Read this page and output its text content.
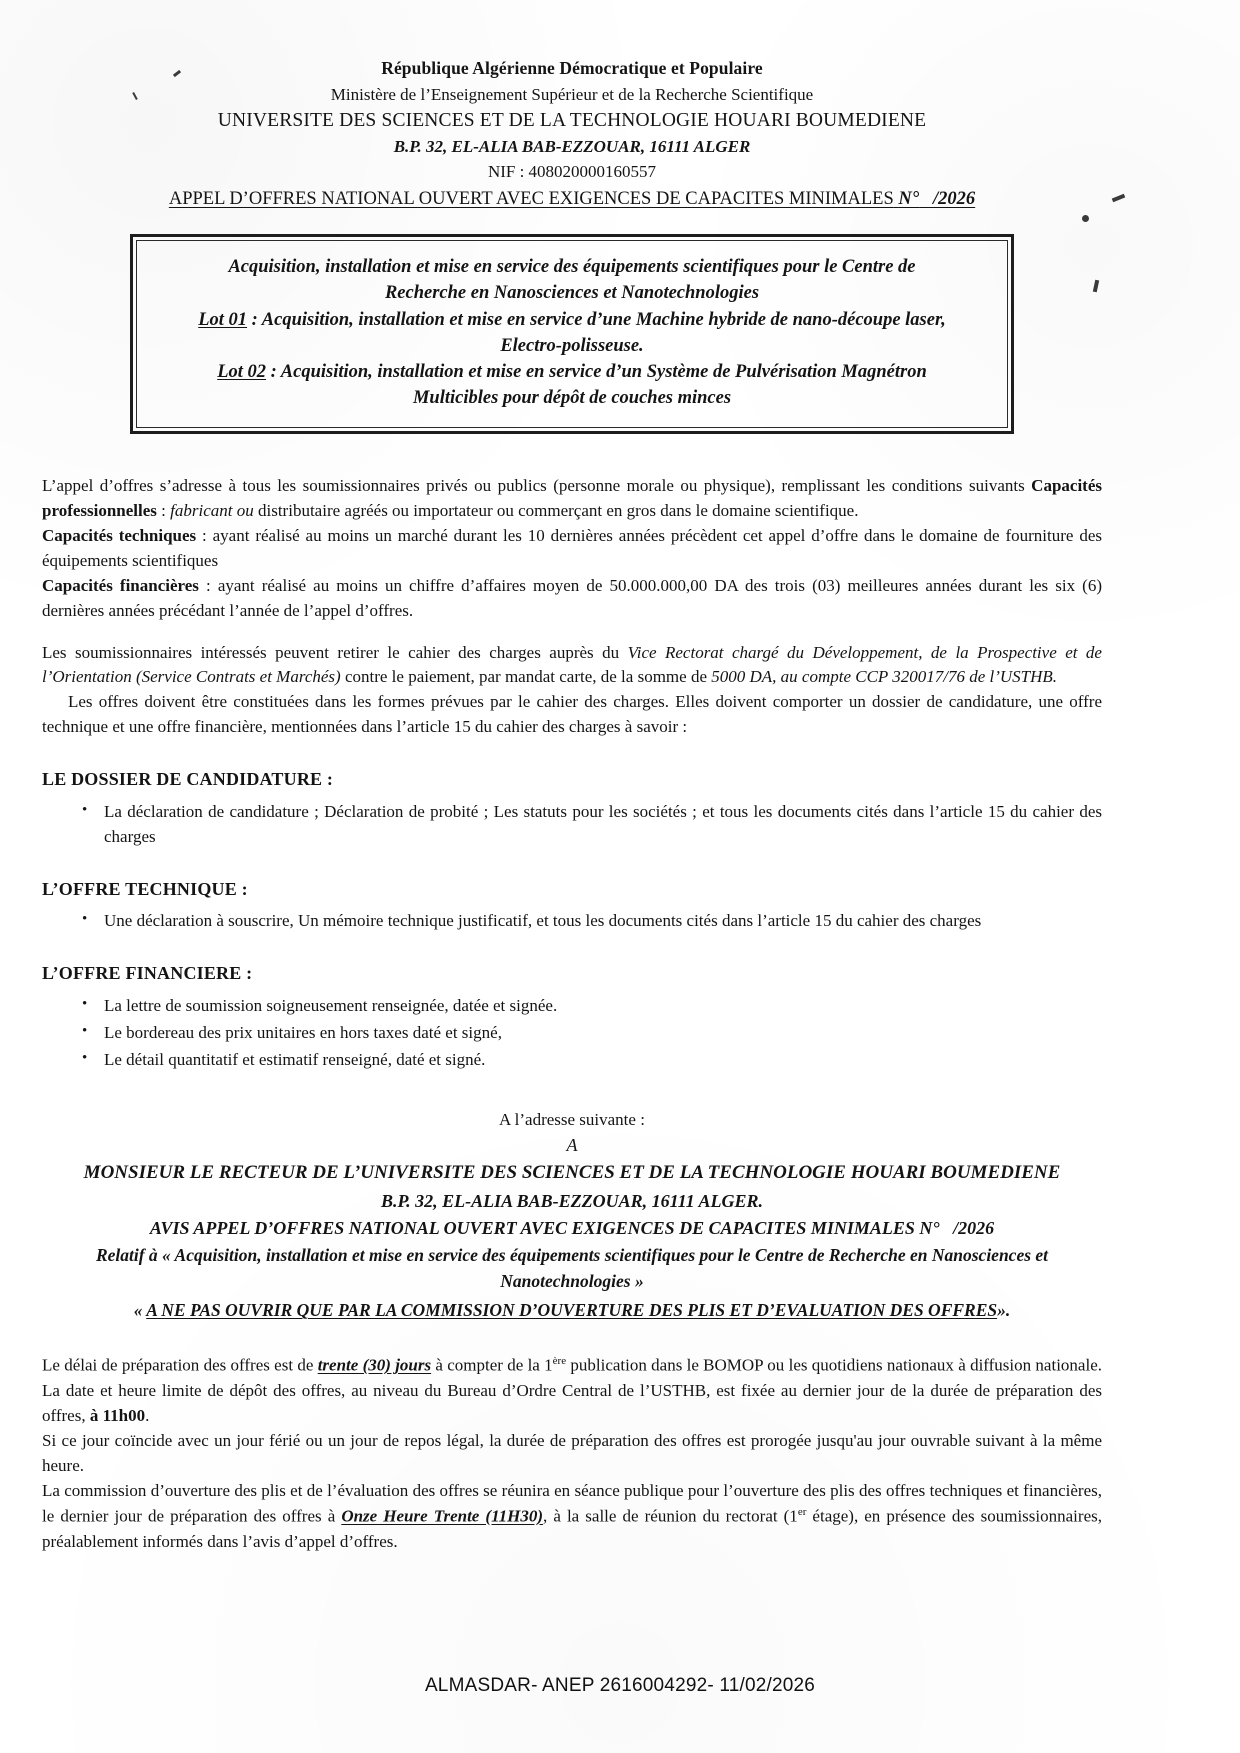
République Algérienne Démocratique et Populaire
Ministère de l’Enseignement Supérieur et de la Recherche Scientifique
UNIVERSITE DES SCIENCES ET DE LA TECHNOLOGIE HOUARI BOUMEDIENE
B.P. 32, EL-ALIA BAB-EZZOUAR, 16111 ALGER
NIF : 408020000160557
APPEL D’OFFRES NATIONAL OUVERT AVEC EXIGENCES DE CAPACITES MINIMALES N° /2026
Acquisition, installation et mise en service des équipements scientifiques pour le Centre de
Recherche en Nanosciences et Nanotechnologies
Lot 01 : Acquisition, installation et mise en service d’une Machine hybride de nano-découpe laser,
Electro-polisseuse.
Lot 02 : Acquisition, installation et mise en service d’un Système de Pulvérisation Magnétron
Multicibles pour dépôt de couches minces

L’appel d’offres s’adresse à tous les soumissionnaires privés ou publics (personne morale ou physique), remplissant les conditions suivants Capacités professionnelles : fabricant ou distributaire agréés ou importateur ou commerçant en gros dans le domaine scientifique.

Capacités techniques : ayant réalisé au moins un marché durant les 10 dernières années précèdent cet appel d’offre dans le domaine de fourniture des équipements scientifiques

Capacités financières : ayant réalisé au moins un chiffre d’affaires moyen de 50.000.000,00 DA des trois (03) meilleures années durant les six (6) dernières années précédant l’année de l’appel d’offres.

Les soumissionnaires intéressés peuvent retirer le cahier des charges auprès du Vice Rectorat chargé du Développement, de la Prospective et de l’Orientation (Service Contrats et Marchés) contre le paiement, par mandat carte, de la somme de 5000 DA, au compte CCP 320017/76 de l’USTHB.

Les offres doivent être constituées dans les formes prévues par le cahier des charges. Elles doivent comporter un dossier de candidature, une offre technique et une offre financière, mentionnées dans l’article 15 du cahier des charges à savoir :

LE DOSSIER DE CANDIDATURE :
• La déclaration de candidature ; Déclaration de probité ; Les statuts pour les sociétés ; et tous les documents cités dans l’article 15 du cahier des charges
L’OFFRE TECHNIQUE :
• Une déclaration à souscrire, Un mémoire technique justificatif, et tous les documents cités dans l’article 15 du cahier des charges
L’OFFRE FINANCIERE :
• La lettre de soumission soigneusement renseignée, datée et signée.
• Le bordereau des prix unitaires en hors taxes daté et signé,
• Le détail quantitatif et estimatif renseigné, daté et signé.
A l’adresse suivante :
A
MONSIEUR LE RECTEUR DE L’UNIVERSITE DES SCIENCES ET DE LA TECHNOLOGIE HOUARI BOUMEDIENE
B.P. 32, EL-ALIA BAB-EZZOUAR, 16111 ALGER.
AVIS APPEL D’OFFRES NATIONAL OUVERT AVEC EXIGENCES DE CAPACITES MINIMALES N° /2026
Relatif à « Acquisition, installation et mise en service des équipements scientifiques pour le Centre de Recherche en Nanosciences et
Nanotechnologies »
« A NE PAS OUVRIR QUE PAR LA COMMISSION D’OUVERTURE DES PLIS ET D’EVALUATION DES OFFRES».

Le délai de préparation des offres est de trente (30) jours à compter de la 1ère publication dans le BOMOP ou les quotidiens nationaux à diffusion nationale. La date et heure limite de dépôt des offres, au niveau du Bureau d’Ordre Central de l’USTHB, est fixée au dernier jour de la durée de préparation des offres, à 11h00.

Si ce jour coïncide avec un jour férié ou un jour de repos légal, la durée de préparation des offres est prorogée jusqu'au jour ouvrable suivant à la même heure.

La commission d’ouverture des plis et de l’évaluation des offres se réunira en séance publique pour l’ouverture des plis des offres techniques et financières, le dernier jour de préparation des offres à Onze Heure Trente (11H30), à la salle de réunion du rectorat (1er étage), en présence des soumissionnaires, préalablement informés dans l’avis d’appel d’offres.

ALMASDAR- ANEP 2616004292- 11/02/2026
